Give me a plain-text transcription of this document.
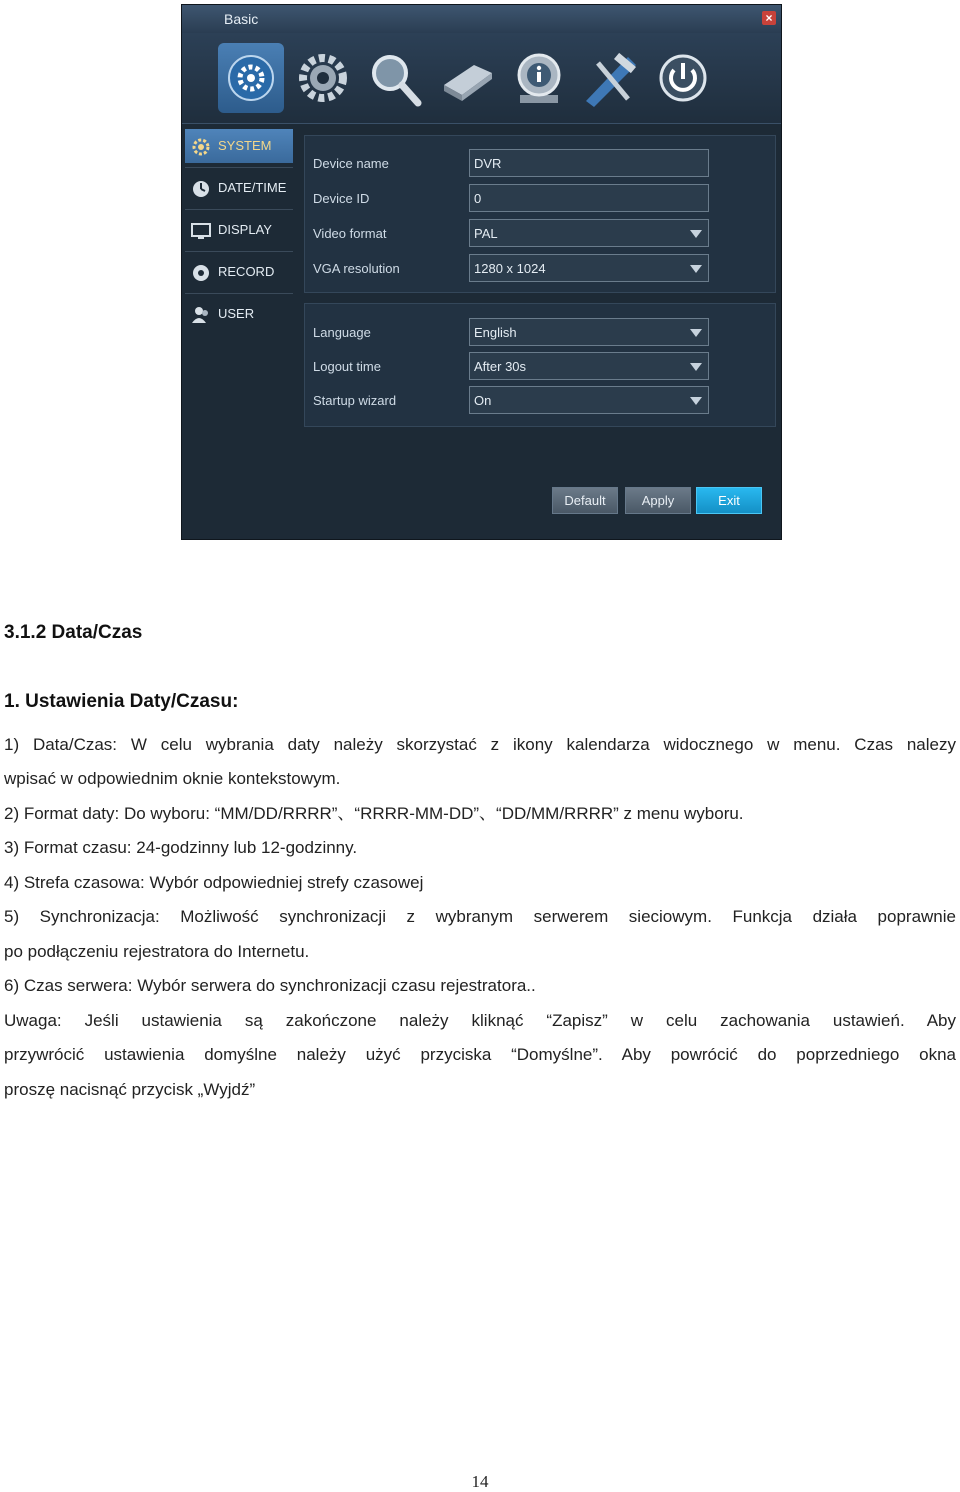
Basic	×
SYSTEM
DATE/TIME
DISPLAY
RECORD
USER
Device name	DVR
Device ID	0
Video format	PAL
VGA resolution	1280 x 1024
Language	English
Logout time	After 30s
Startup wizard	On
Default	Apply	Exit
3.1.2 Data/Czas
1. Ustawienia Daty/Czasu:
1) Data/Czas: W celu wybrania daty należy skorzystać z ikony kalendarza widocznego w menu. Czas nalezy
wpisać w odpowiednim oknie kontekstowym.
2) Format daty: Do wyboru: “MM/DD/RRRR”、“RRRR-MM-DD”、“DD/MM/RRRR” z menu wyboru.
3) Format czasu: 24-godzinny lub 12-godzinny.
4) Strefa czasowa: Wybór odpowiedniej strefy czasowej
5) Synchronizacja: Możliwość synchronizacji z wybranym serwerem sieciowym. Funkcja działa poprawnie
po podłączeniu rejestratora do Internetu.
6) Czas serwera: Wybór serwera do synchronizacji czasu rejestratora..
Uwaga: Jeśli ustawienia są zakończone należy kliknąć “Zapisz” w celu zachowania ustawień. Aby
przywrócić ustawienia domyślne należy użyć przyciska “Domyślne”. Aby powrócić do poprzedniego okna
proszę nacisnąć przycisk „Wyjdź”
14
